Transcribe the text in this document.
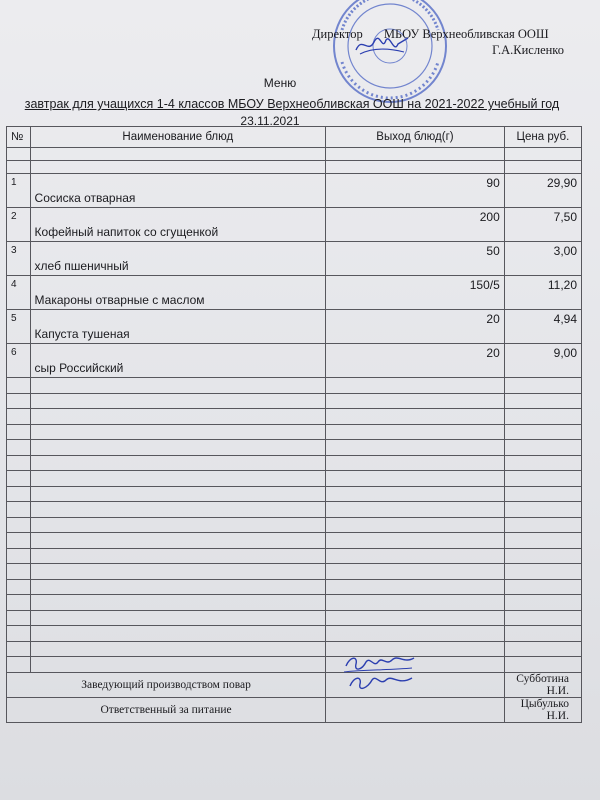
Директор МБОУ Верхнеобливская ООШ
Г.А.Кисленко
Меню
завтрак для учащихся 1-4 классов МБОУ Верхнеобливская ООШ на 2021-2022 учебный год
23.11.2021
№	Наименование блюд	Выход блюд(г)	Цена руб.

1	Сосиска отварная	90	29,90
2	Кофейный напиток со сгущенкой	200	7,50
3	хлеб пшеничный	50	3,00
4	Макароны отварные с маслом	150/5	11,20
5	Капуста тушеная	20	4,94
6	сыр Российский	20	9,00

Заведующий производством повар			Субботина Н.И.
Ответственный за питание			Цыбулько Н.И.
